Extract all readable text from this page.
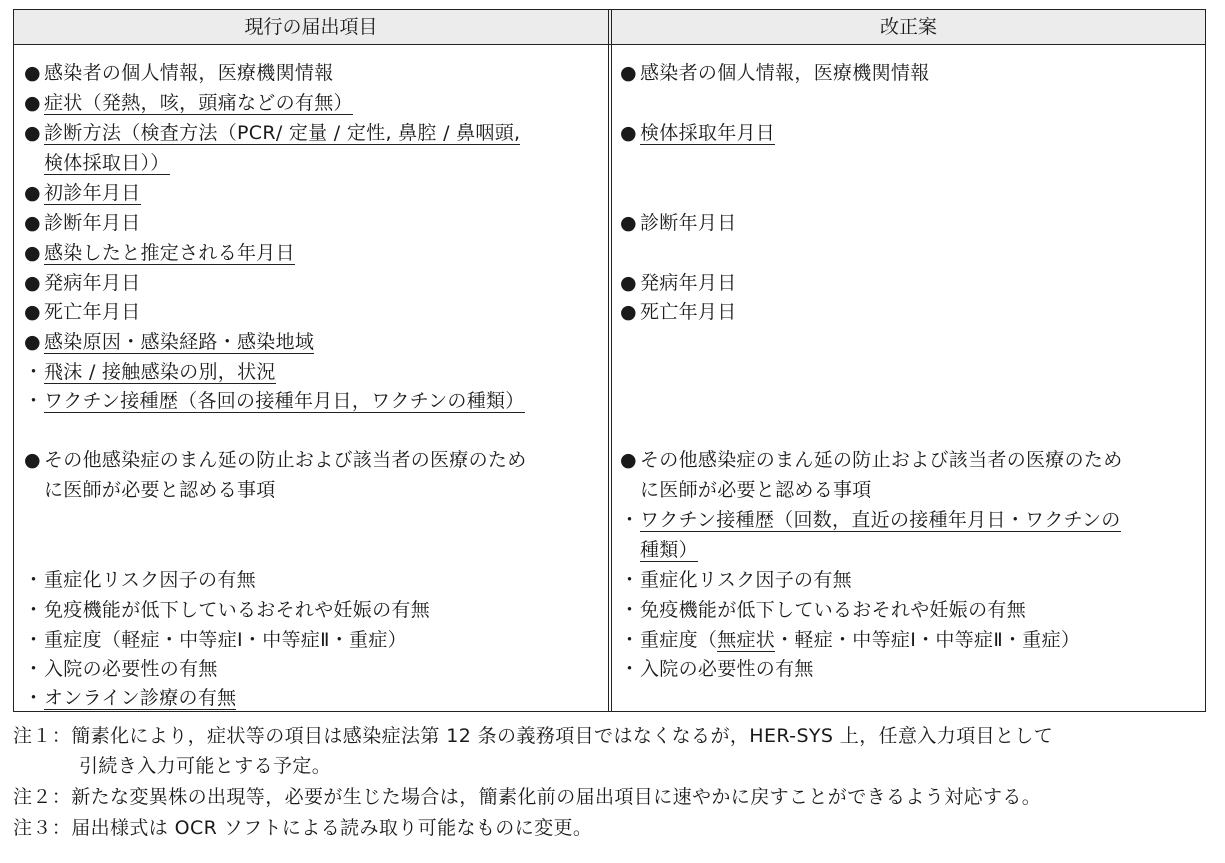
現行の届出項目	改正案
● 感染者の個人情報，医療機関情報
● 症状（発熱，咳，頭痛などの有無）
● 診断方法（検査方法（PCR/ 定量 / 定性, 鼻腔 / 鼻咽頭,
検体採取日））
● 初診年月日
● 診断年月日
● 感染したと推定される年月日
● 発病年月日
● 死亡年月日
● 感染原因・感染経路・感染地域
・飛沫 / 接触感染の別，状況
・ワクチン接種歴（各回の接種年月日，ワクチンの種類）
● その他感染症のまん延の防止および該当者の医療のため
に医師が必要と認める事項
・重症化リスク因子の有無
・免疫機能が低下しているおそれや妊娠の有無
・重症度（軽症・中等症Ⅰ・中等症Ⅱ・重症）
・入院の必要性の有無
・オンライン診療の有無
● 感染者の個人情報，医療機関情報
● 検体採取年月日
● 診断年月日
● 発病年月日
● 死亡年月日
● その他感染症のまん延の防止および該当者の医療のため
に医師が必要と認める事項
・ワクチン接種歴（回数，直近の接種年月日・ワクチンの
種類）
・重症化リスク因子の有無
・免疫機能が低下しているおそれや妊娠の有無
・重症度（無症状・軽症・中等症Ⅰ・中等症Ⅱ・重症）
・入院の必要性の有無
注１：簡素化により，症状等の項目は感染症法第 12 条の義務項目ではなくなるが，HER-SYS 上，任意入力項目として
引続き入力可能とする予定。
注２：新たな変異株の出現等，必要が生じた場合は，簡素化前の届出項目に速やかに戻すことができるよう対応する。
注３：届出様式は OCR ソフトによる読み取り可能なものに変更。
